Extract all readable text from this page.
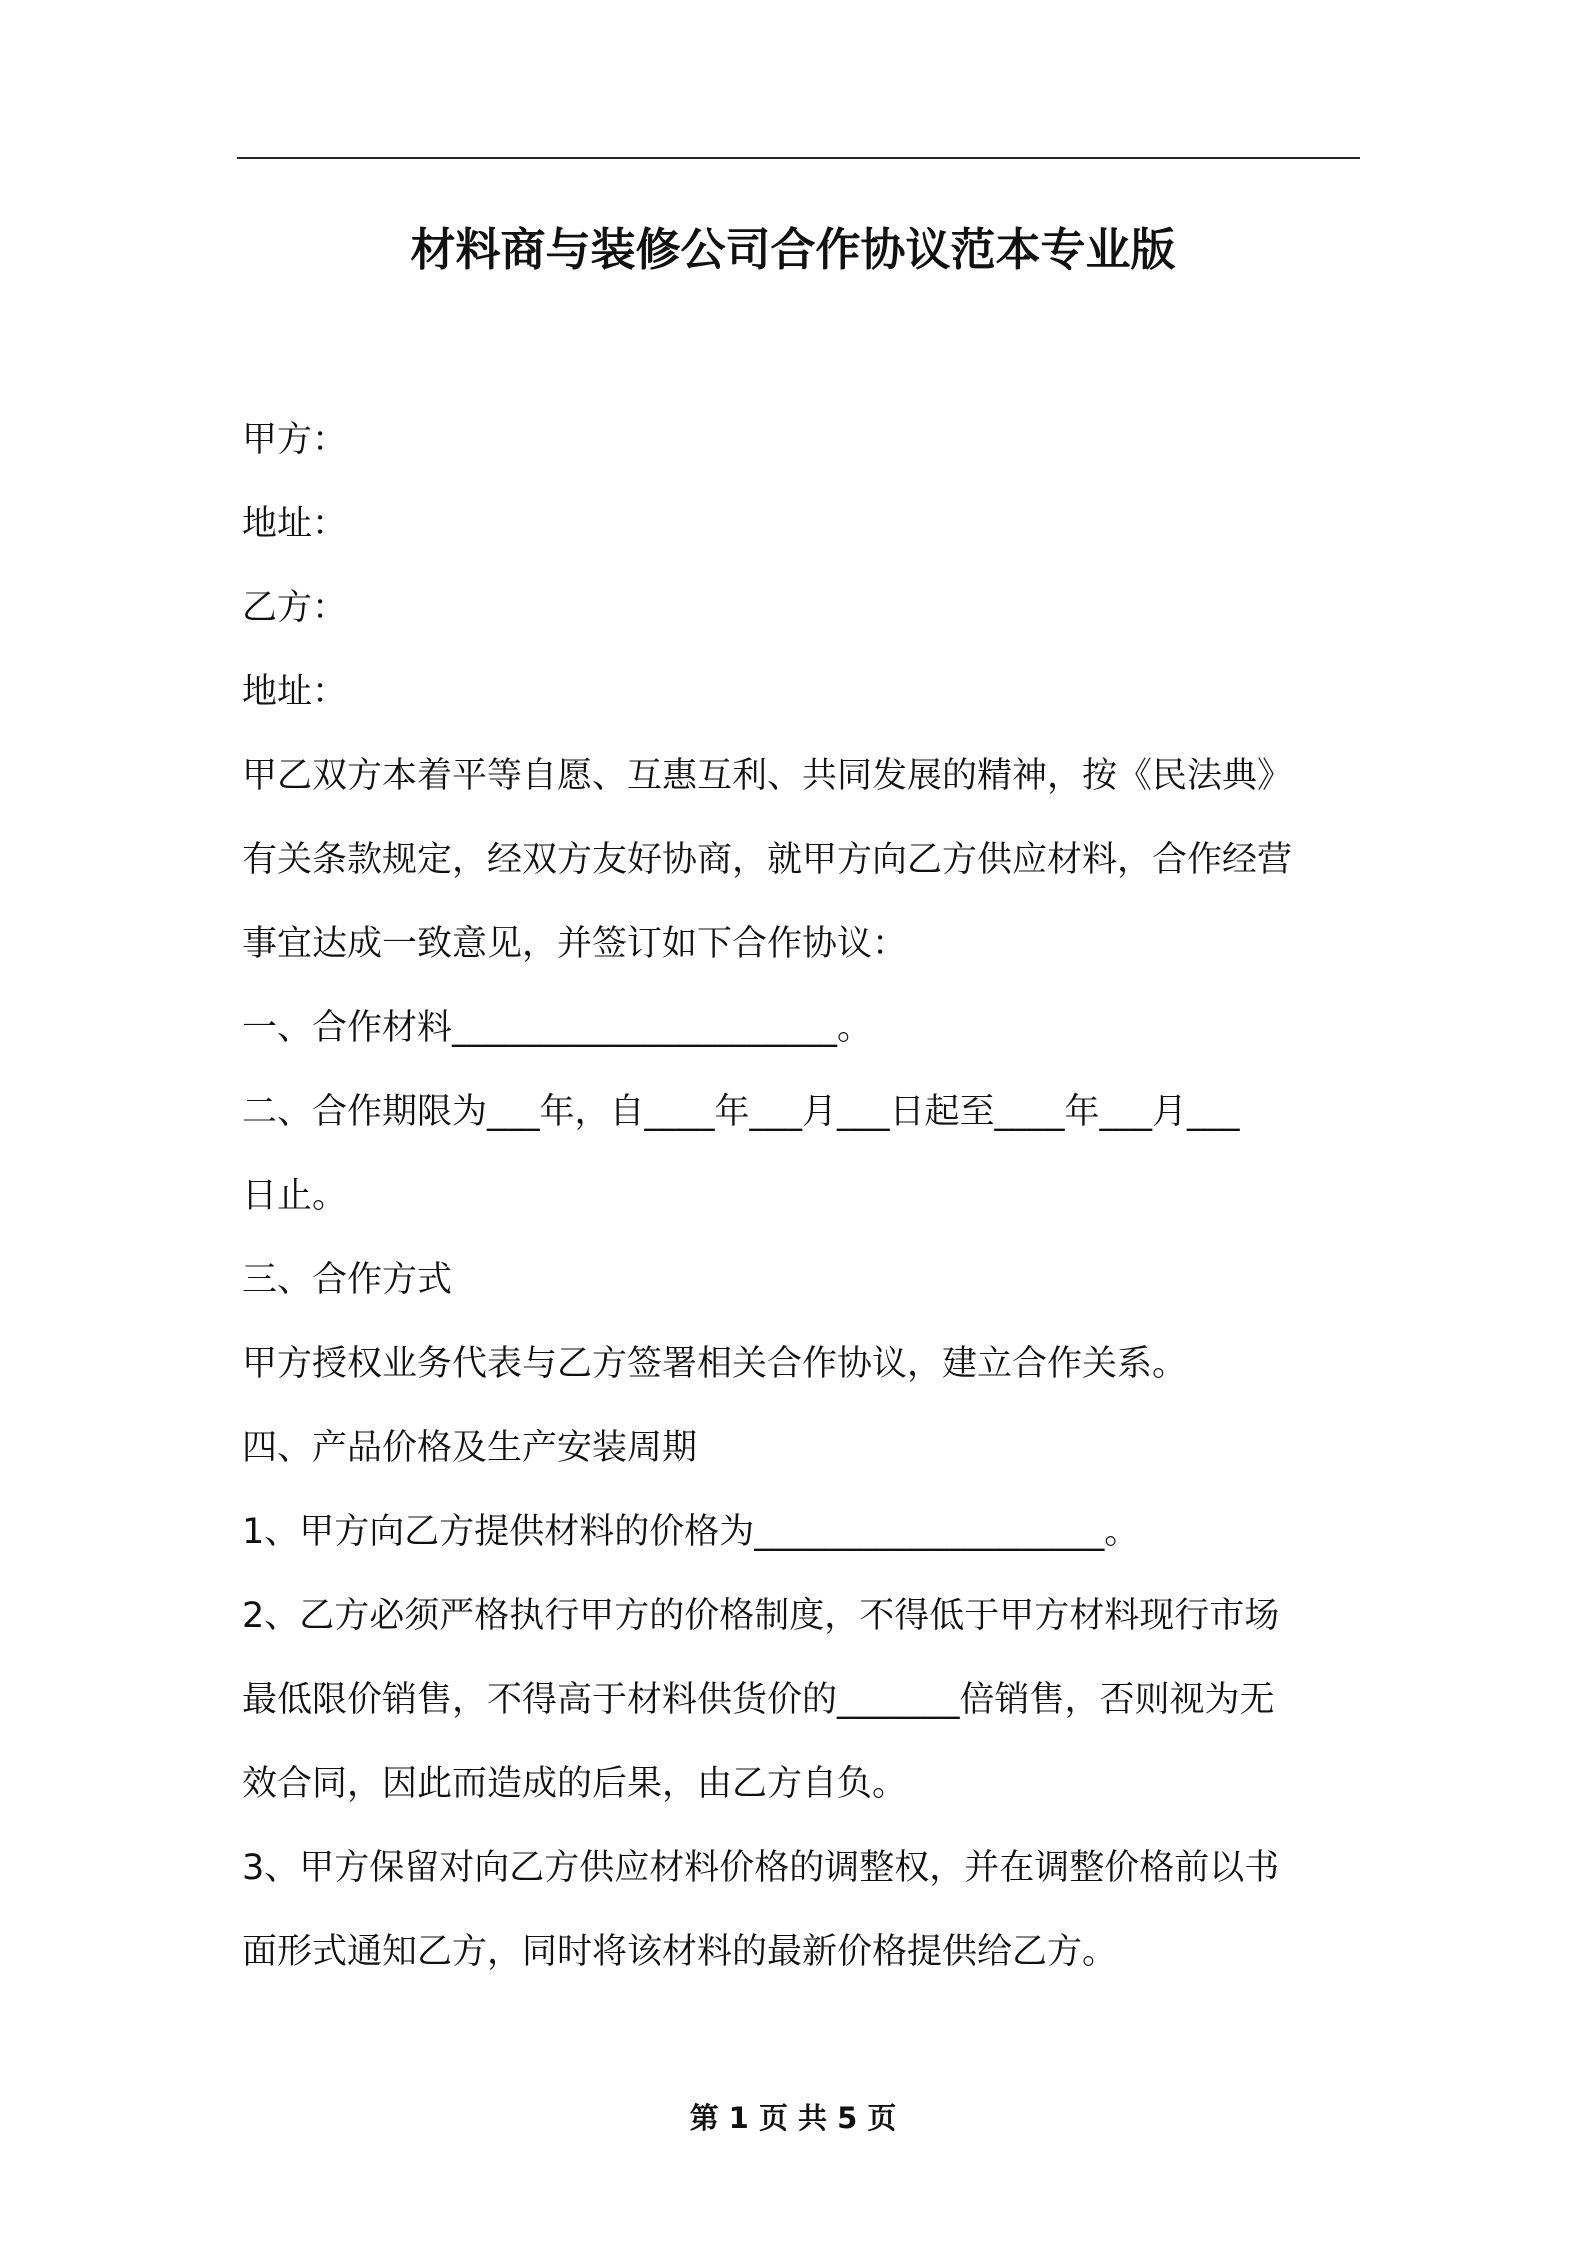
材料商与装修公司合作协议范本专业版

甲方：

地址：

乙方：

地址：

甲乙双方本着平等自愿、互惠互利、共同发展的精神，按《民法典》

有关条款规定，经双方友好协商，就甲方向乙方供应材料，合作经营

事宜达成一致意见，并签订如下合作协议：

一、合作材料______________________。

二、合作期限为___年，自____年___月___日起至____年___月___

日止。

三、合作方式

甲方授权业务代表与乙方签署相关合作协议，建立合作关系。

四、产品价格及生产安装周期

1、甲方向乙方提供材料的价格为____________________。

2、乙方必须严格执行甲方的价格制度，不得低于甲方材料现行市场

最低限价销售，不得高于材料供货价的_______倍销售，否则视为无

效合同，因此而造成的后果，由乙方自负。

3、甲方保留对向乙方供应材料价格的调整权，并在调整价格前以书

面形式通知乙方，同时将该材料的最新价格提供给乙方。

第 1 页 共 5 页
